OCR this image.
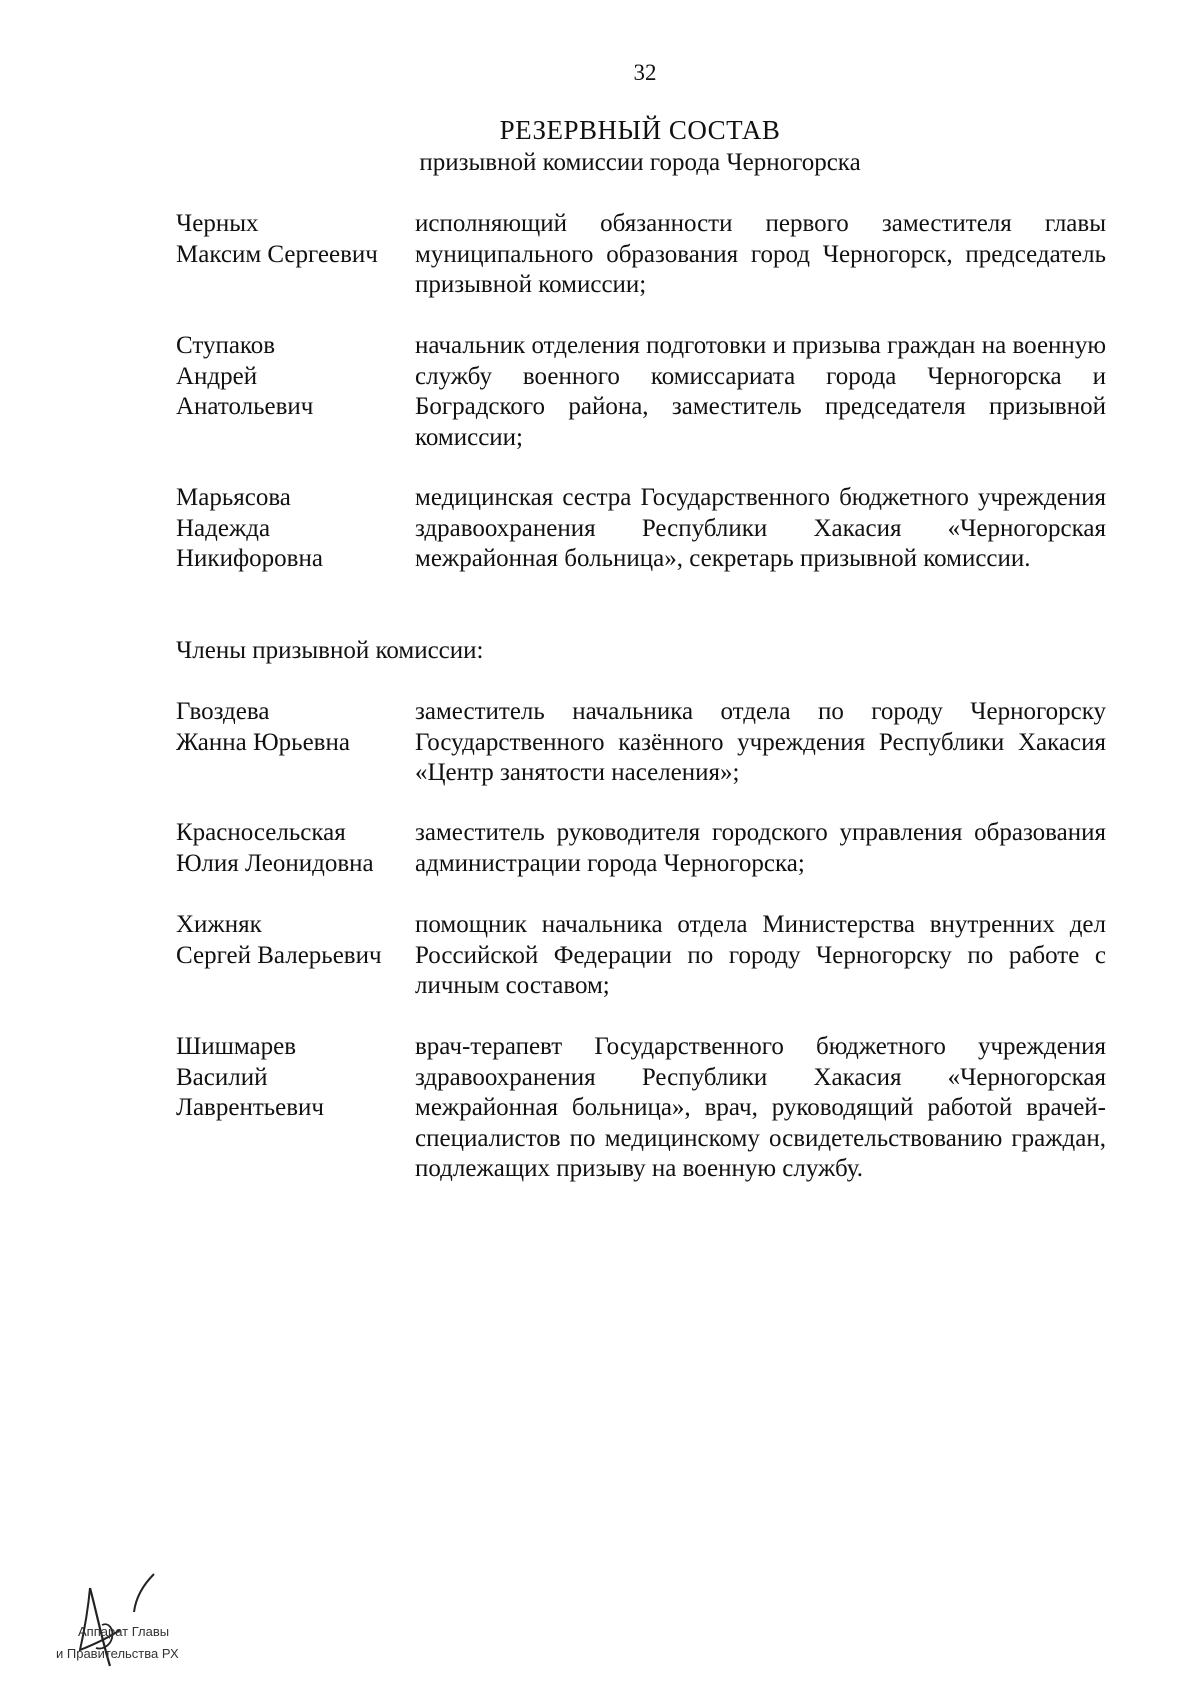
32
РЕЗЕРВНЫЙ СОСТАВ
призывной комиссии города Черногорска
Черных
Максим Сергеевич
исполняющий обязанности первого заместителя главы муниципального образования город Черногорск, председатель призывной комиссии;
Ступаков
Андрей
Анатольевич
начальник отделения подготовки и призыва граждан на военную службу военного комиссариата города Черногорска и Боградского района, заместитель председателя призывной комиссии;
Марьясова
Надежда
Никифоровна
медицинская сестра Государственного бюджетного учреждения здравоохранения Республики Хакасия «Черногорская межрайонная больница», секретарь призывной комиссии.
Члены призывной комиссии:
Гвоздева
Жанна Юрьевна
заместитель начальника отдела по городу Черногорску Государственного казённого учреждения Республики Хакасия «Центр занятости населения»;
Красносельская
Юлия Леонидовна
заместитель руководителя городского управления образования администрации города Черногорска;
Хижняк
Сергей Валерьевич
помощник начальника отдела Министерства внутренних дел Российской Федерации по городу Черногорску по работе с личным составом;
Шишмарев
Василий
Лаврентьевич
врач-терапевт Государственного бюджетного учреждения здравоохранения Республики Хакасия «Черногорская межрайонная больница», врач, руководящий работой врачей-специалистов по медицинскому освидетельствованию граждан, подлежащих призыву на военную службу.
Аппарат Главы
и Правительства РХ
